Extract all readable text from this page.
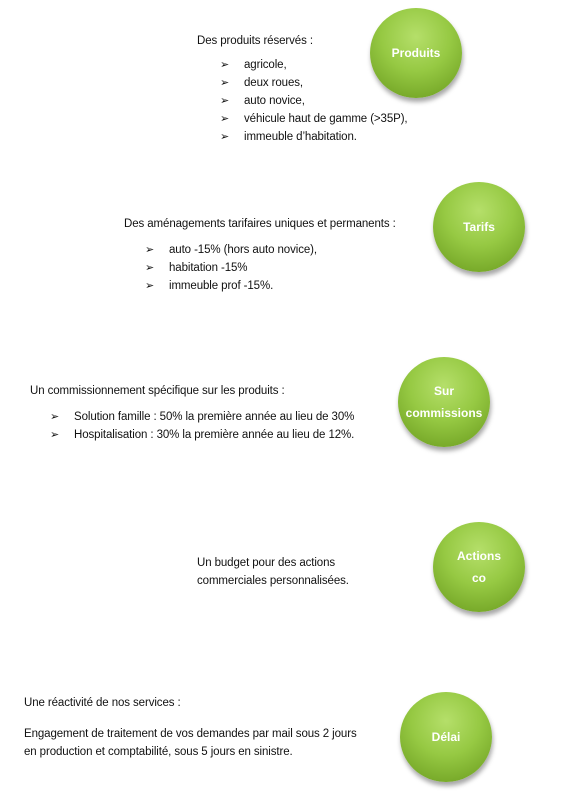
Des produits réservés :
➢ agricole,
➢ deux roues,
➢ auto novice,
➢ véhicule haut de gamme (>35P),
➢ immeuble d’habitation.
Produits
Des aménagements tarifaires uniques et permanents :
➢ auto -15% (hors auto novice),
➢ habitation -15%
➢ immeuble prof -15%.
Tarifs
Un commissionnement spécifique sur les produits :
➢ Solution famille : 50% la première année au lieu de 30%
➢ Hospitalisation : 30% la première année au lieu de 12%.
Sur
commissions
Un budget pour des actions
commerciales personnalisées.
Actions
co
Une réactivité de nos services :
Engagement de traitement de vos demandes par mail sous 2 jours
en production et comptabilité, sous 5 jours en sinistre.
Délai
